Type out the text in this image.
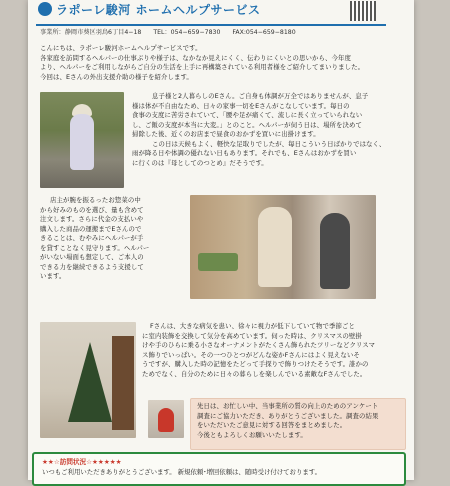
ラポーレ駿河 ホームヘルプサービス
事業所：静岡市葵区羽鳥6丁目4−18 TEL：054−659−7830 FAX:054−659−8180
こんにちは、ラポーレ駿河ホームヘルプサービスです。
各家庭を訪問するヘルパーの仕事ぶりや様子は、なかなか見えにくく、伝わりにくいとの思いから、今年度
より、ヘルパーをご利用しながらご自分の生活を上手に再構築されている利用者様をご紹介してまいりました。
今回は、Eさんの外出支援介助の様子を紹介します。
息子様と2人暮らしのEさん。ご自身も体調が万全ではありませんが、息子
様は体が不自由なため、日々の家事一切をEさんがこなしています。毎日の
食事の支度に苦労されていて、「腰や足が痛くて、流しに長く立っていられない
し、ご飯の支度が本当に大変。」とのこと。ヘルパーが伺う日は、場所を決めて
掃除した後、近くのお店まで昼食のおかずを買いに出掛けます。
この日は天候もよく、軽快な足取りでしたが、毎日こういう日ばかりではなく、
雨が降る日や体調の優れない日もあります。それでも、Eさんはおかずを買い
に行くのは『母としてのつとめ』だそうです。
店主が腕を振るったお惣菜の中
から好みのものを選び、量も含めて
注文します。さらに代金の支払いや
購入した商品の運搬までEさんので
きることは、むやみにヘルパーが手
を貸すことなく見守ります。ヘルパー
がいない場面も想定して、ご本人の
できる力を継続できるよう支援して
います。
Fさんは、大きな病気を患い、徐々に視力が低下していて物で季節ごと
に室内装飾を交換して気分を高めています。伺った時は、クリスマスの壁掛
けや手のひらに乗る小さなオーナメントがたくさん飾られたツリーなどクリスマ
ス飾りでいっぱい。その一つひとつがどんな姿かFさんにはよく見えないそ
うですが、購入した時の記憶をたどって手探りで飾りつけたそうです。誰かの
ためでなく、自分のために日々の暮らしを楽しんでいる素敵なFさんでした。
先日は、お忙しい中、当事業所の質の向上のためのアンケート
調査にご協力いただき、ありがとうございました。調査の結果
をいただいたご意見に対する回答をまとめました。
今後ともよろしくお願いいたします。
★★☆訪問状況☆★★★★★
いつもご利用いただきありがとうございます。 新規依頼･増回依頼は、随時受け付けております。
